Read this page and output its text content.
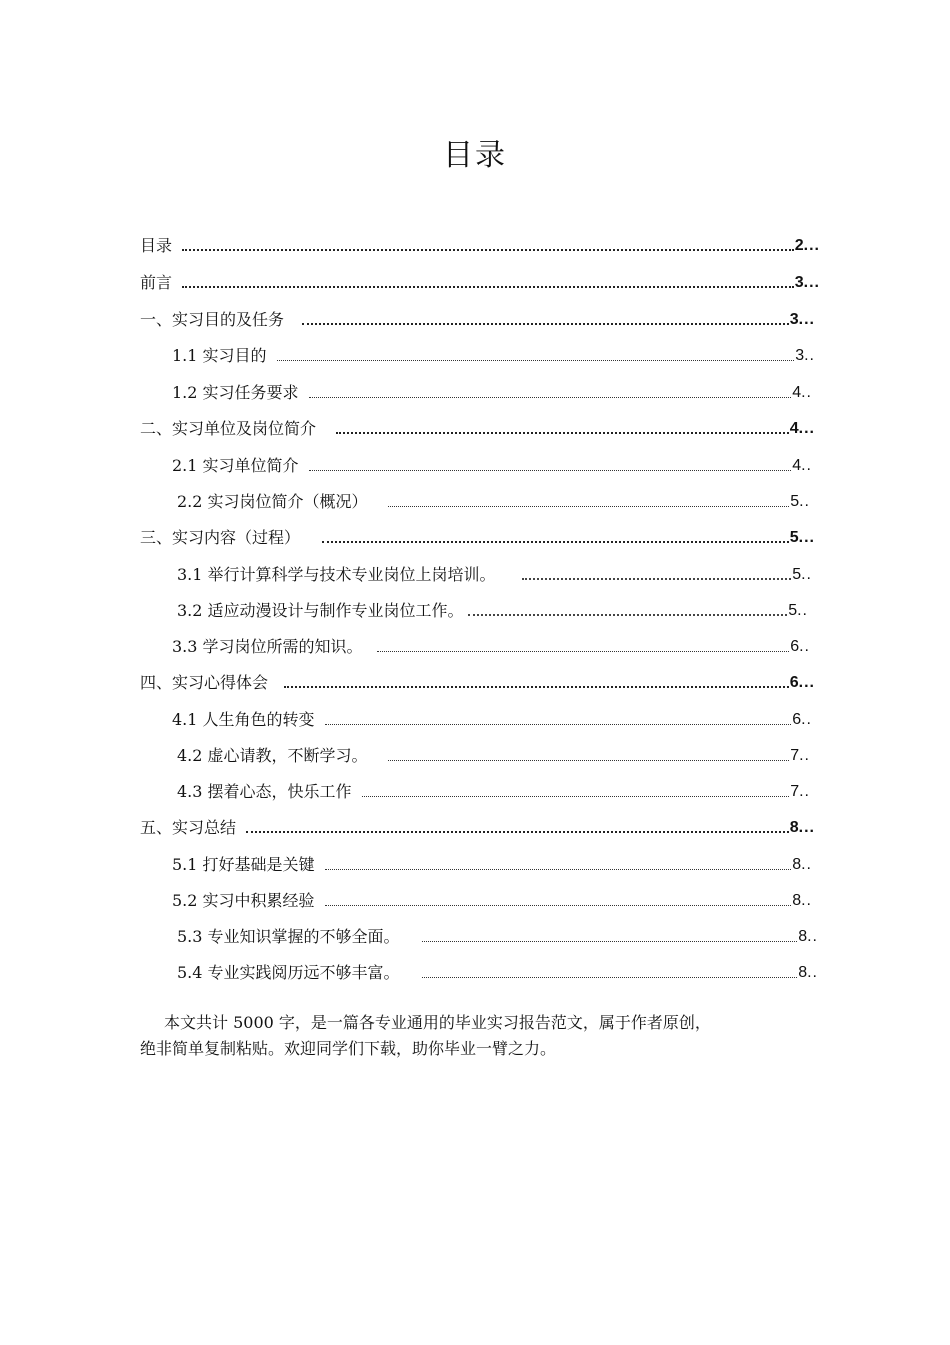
目录
目录	2 ...
前言	3 ...
一、实习目的及任务	3 ...
1.1 实习目的	3 ..
1.2 实习任务要求	4 ..
二、实习单位及岗位简介	4 ...
2.1 实习单位简介	4 ..
2.2 实习岗位简介（概况）	5 ..
三、实习内容（过程）	5 ...
3.1 举行计算科学与技术专业岗位上岗培训。	5 ..
3.2 适应动漫设计与制作专业岗位工作。	5 ..
3.3 学习岗位所需的知识。	6 ..
四、实习心得体会	6 ...
4.1 人生角色的转变	6 ..
4.2 虚心请教，不断学习。	7 ..
4.3 摆着心态，快乐工作	7 ..
五、实习总结	8 ...
5.1 打好基础是关键	8 ..
5.2 实习中积累经验	8 ..
5.3 专业知识掌握的不够全面。	8 ..
5.4 专业实践阅历远不够丰富。	8 ..

本文共计 5000 字，是一篇各专业通用的毕业实习报告范文，属于作者原创，

绝非简单复制粘贴。欢迎同学们下载，助你毕业一臂之力。
